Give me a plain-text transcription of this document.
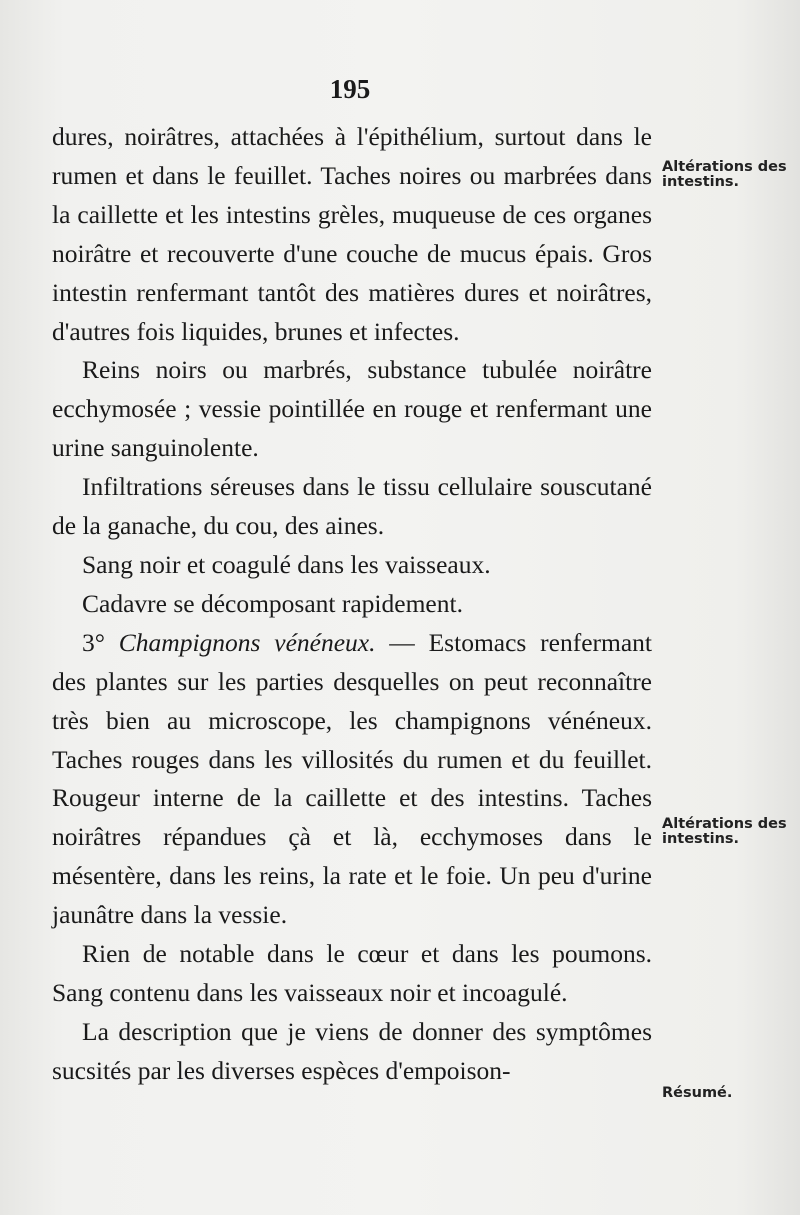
195

dures, noirâtres, attachées à l'épithélium, surtout dans le rumen et dans le feuillet. Taches noires ou marbrées dans la caillette et les intestins grèles, muqueuse de ces organes noirâtre et recouverte d'une couche de mucus épais. Gros intestin renfermant tantôt des matières dures et noirâtres, d'autres fois liquides, brunes et infectes.

Reins noirs ou marbrés, substance tubulée noirâtre ecchymosée ; vessie pointillée en rouge et renfermant une urine sanguinolente.

Infiltrations séreuses dans le tissu cellulaire souscutané de la ganache, du cou, des aines.

Sang noir et coagulé dans les vaisseaux.

Cadavre se décomposant rapidement.

3° Champignons vénéneux. — Estomacs renfermant des plantes sur les parties desquelles on peut reconnaître très bien au microscope, les champignons vénéneux. Taches rouges dans les villosités du rumen et du feuillet. Rougeur interne de la caillette et des intestins. Taches noirâtres répandues çà et là, ecchymoses dans le mésentère, dans les reins, la rate et le foie. Un peu d'urine jaunâtre dans la vessie.

Rien de notable dans le cœur et dans les poumons. Sang contenu dans les vaisseaux noir et incoagulé.

La description que je viens de donner des symptômes sucsités par les diverses espèces d'empoison-

Altérations des intestins.
Altérations des intestins.
Résumé.
